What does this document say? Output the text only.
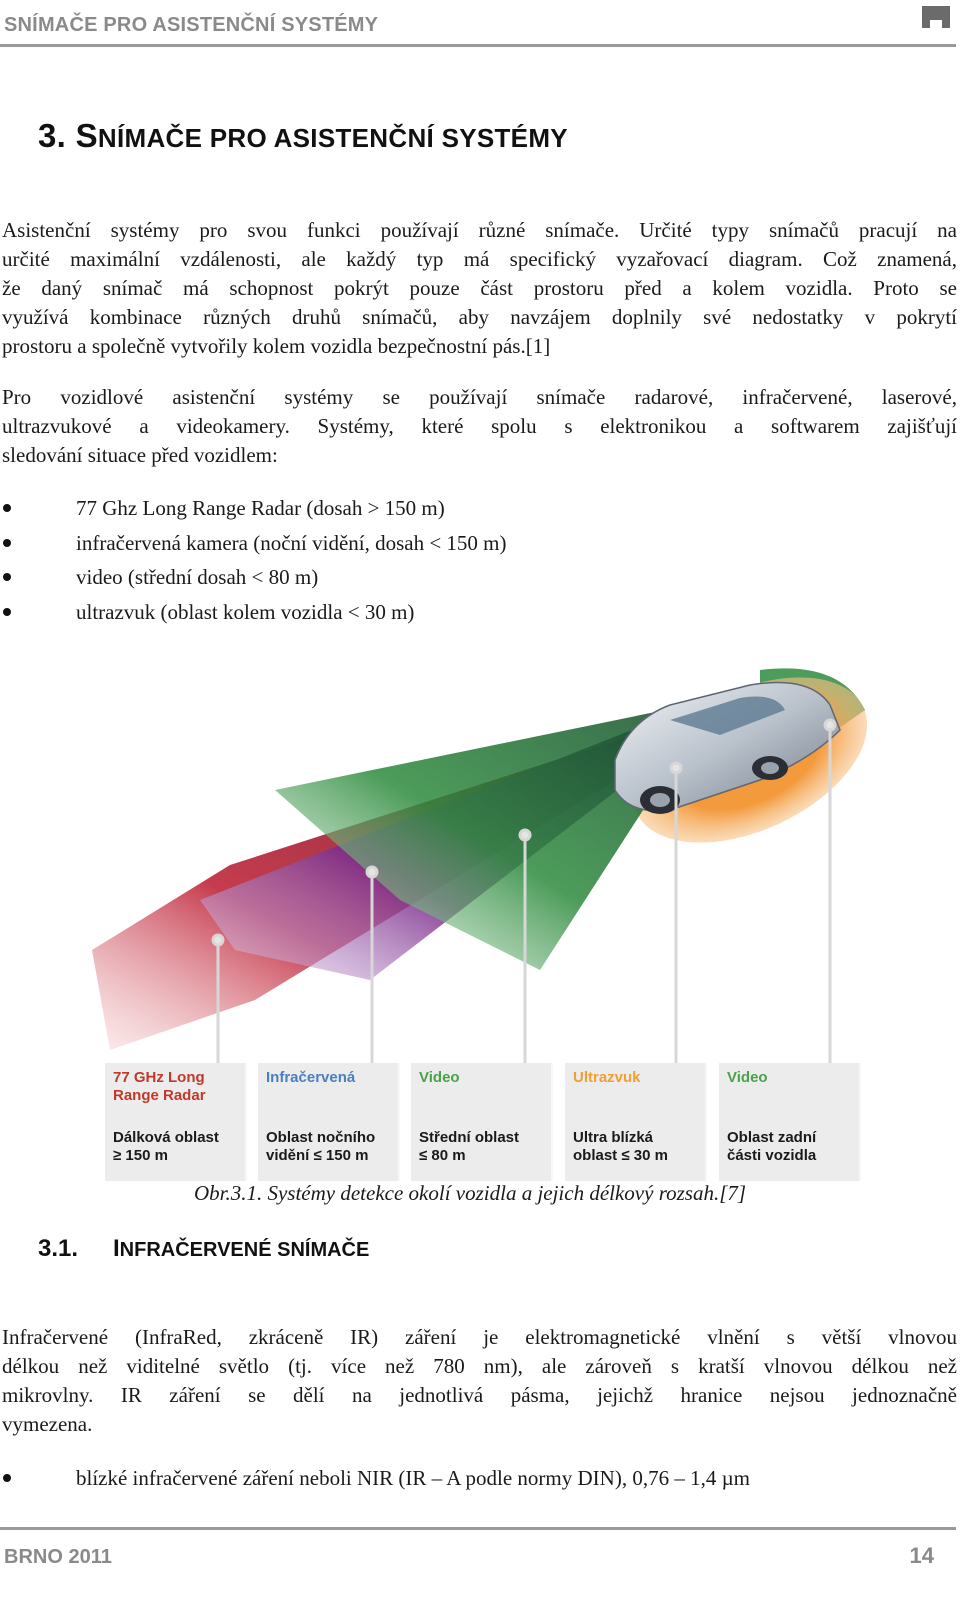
SNÍMAČE PRO ASISTENČNÍ SYSTÉMY
3. SNÍMAČE PRO ASISTENČNÍ SYSTÉMY
Asistenční systémy pro svou funkci používají různé snímače. Určité typy snímačů pracují na
určité maximální vzdálenosti, ale každý typ má specifický vyzařovací diagram. Což znamená,
že daný snímač má schopnost pokrýt pouze část prostoru před a kolem vozidla. Proto se
využívá kombinace různých druhů snímačů, aby navzájem doplnily své nedostatky v pokrytí
prostoru a společně vytvořily kolem vozidla bezpečnostní pás.[1]
Pro vozidlové asistenční systémy se používají snímače radarové, infračervené, laserové,
ultrazvukové a videokamery. Systémy, které spolu s elektronikou a softwarem zajišťují
sledování situace před vozidlem:
77 Ghz Long Range Radar (dosah > 150 m)
infračervená kamera (noční vidění, dosah < 150 m)
video (střední dosah < 80 m)
ultrazvuk (oblast kolem vozidla < 30 m)
77 GHz Long
Range Radar
Dálková oblast
≥ 150 m
Infračervená
Oblast nočního
vidění ≤ 150 m
Video
Střední oblast
≤ 80 m
Ultrazvuk
Ultra blízká
oblast ≤ 30 m
Video
Oblast zadní
části vozidla
Obr.3.1. Systémy detekce okolí vozidla a jejich délkový rozsah.[7]
3.1. INFRAČERVENÉ SNÍMAČE
Infračervené (InfraRed, zkráceně IR) záření je elektromagnetické vlnění s větší vlnovou
délkou než viditelné světlo (tj. více než 780 nm), ale zároveň s kratší vlnovou délkou než
mikrovlny. IR záření se dělí na jednotlivá pásma, jejichž hranice nejsou jednoznačně
vymezena.
blízké infračervené záření neboli NIR (IR – A podle normy DIN), 0,76 – 1,4 µm
BRNO 2011	14
